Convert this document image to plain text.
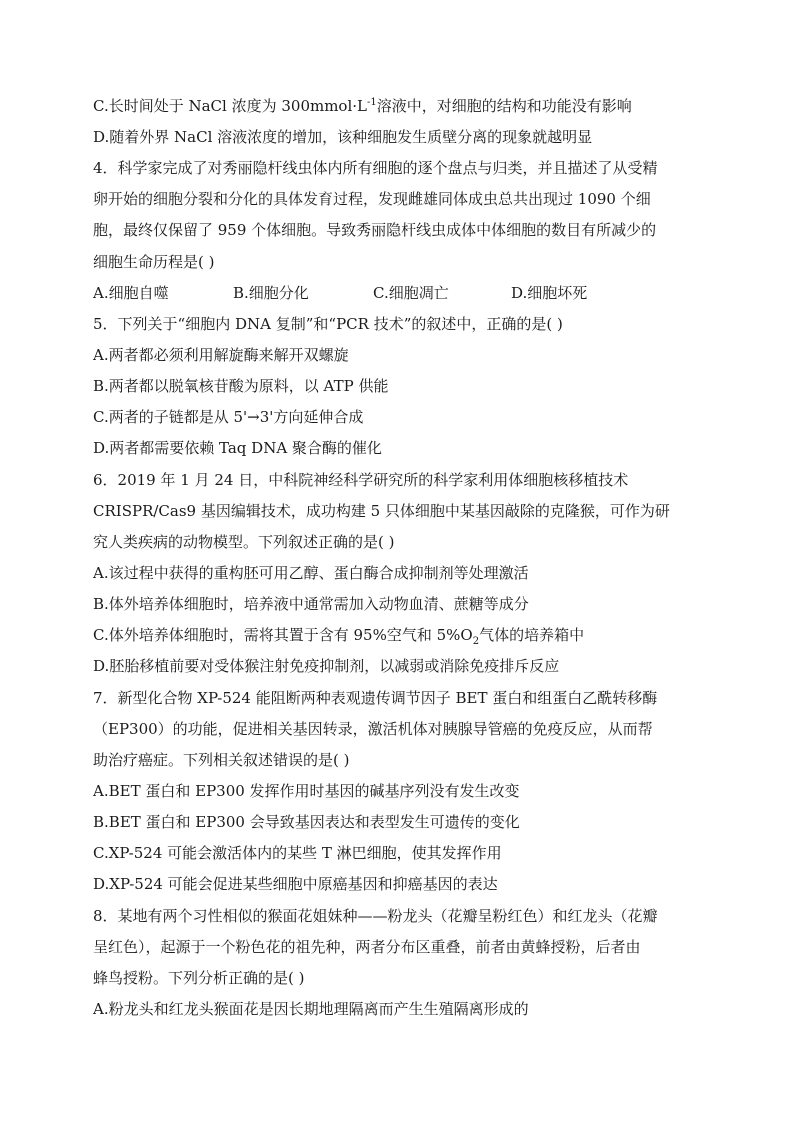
C.长时间处于 NaCl 浓度为 $300mmol\cdot L^{-1}$溶液中，对细胞的结构和功能没有影响
D.随着外界 NaCl 溶液浓度的增加，该种细胞发生质壁分离的现象就越明显
4．科学家完成了对秀丽隐杆线虫体内所有细胞的逐个盘点与归类，并且描述了从受精
卵开始的细胞分裂和分化的具体发育过程，发现雌雄同体成虫总共出现过 1090 个细
胞，最终仅保留了 959 个体细胞。导致秀丽隐杆线虫成体中体细胞的数目有所减少的
细胞生命历程是( )
A.细胞自噬	B.细胞分化	C.细胞凋亡	D.细胞坏死
5．下列关于“细胞内 DNA 复制”和“PCR 技术”的叙述中，正确的是( )
A.两者都必须利用解旋酶来解开双螺旋
B.两者都以脱氧核苷酸为原料，以 ATP 供能
C.两者的子链都是从 5'→3'方向延伸合成
D.两者都需要依赖 Taq DNA 聚合酶的催化
6．2019 年 1 月 24 日，中科院神经科学研究所的科学家利用体细胞核移植技术
CRISPR/Cas9 基因编辑技术，成功构建 5 只体细胞中某基因敲除的克隆猴，可作为研
究人类疾病的动物模型。下列叙述正确的是( )
A.该过程中获得的重构胚可用乙醇、蛋白酶合成抑制剂等处理激活
B.体外培养体细胞时，培养液中通常需加入动物血清、蔗糖等成分
C.体外培养体细胞时，需将其置于含有 95%空气和 $5\%O_2$气体的培养箱中
D.胚胎移植前要对受体猴注射免疫抑制剂，以减弱或消除免疫排斥反应
7．新型化合物 XP-524 能阻断两种表观遗传调节因子 BET 蛋白和组蛋白乙酰转移酶
（EP300）的功能，促进相关基因转录，激活机体对胰腺导管癌的免疫反应，从而帮
助治疗癌症。下列相关叙述错误的是( )
A.BET 蛋白和 EP300 发挥作用时基因的碱基序列没有发生改变
B.BET 蛋白和 EP300 会导致基因表达和表型发生可遗传的变化
C.XP-524 可能会激活体内的某些 T 淋巴细胞，使其发挥作用
D.XP-524 可能会促进某些细胞中原癌基因和抑癌基因的表达
8．某地有两个习性相似的猴面花姐妹种——粉龙头（花瓣呈粉红色）和红龙头（花瓣
呈红色），起源于一个粉色花的祖先种，两者分布区重叠，前者由黄蜂授粉，后者由
蜂鸟授粉。下列分析正确的是( )
A.粉龙头和红龙头猴面花是因长期地理隔离而产生生殖隔离形成的
